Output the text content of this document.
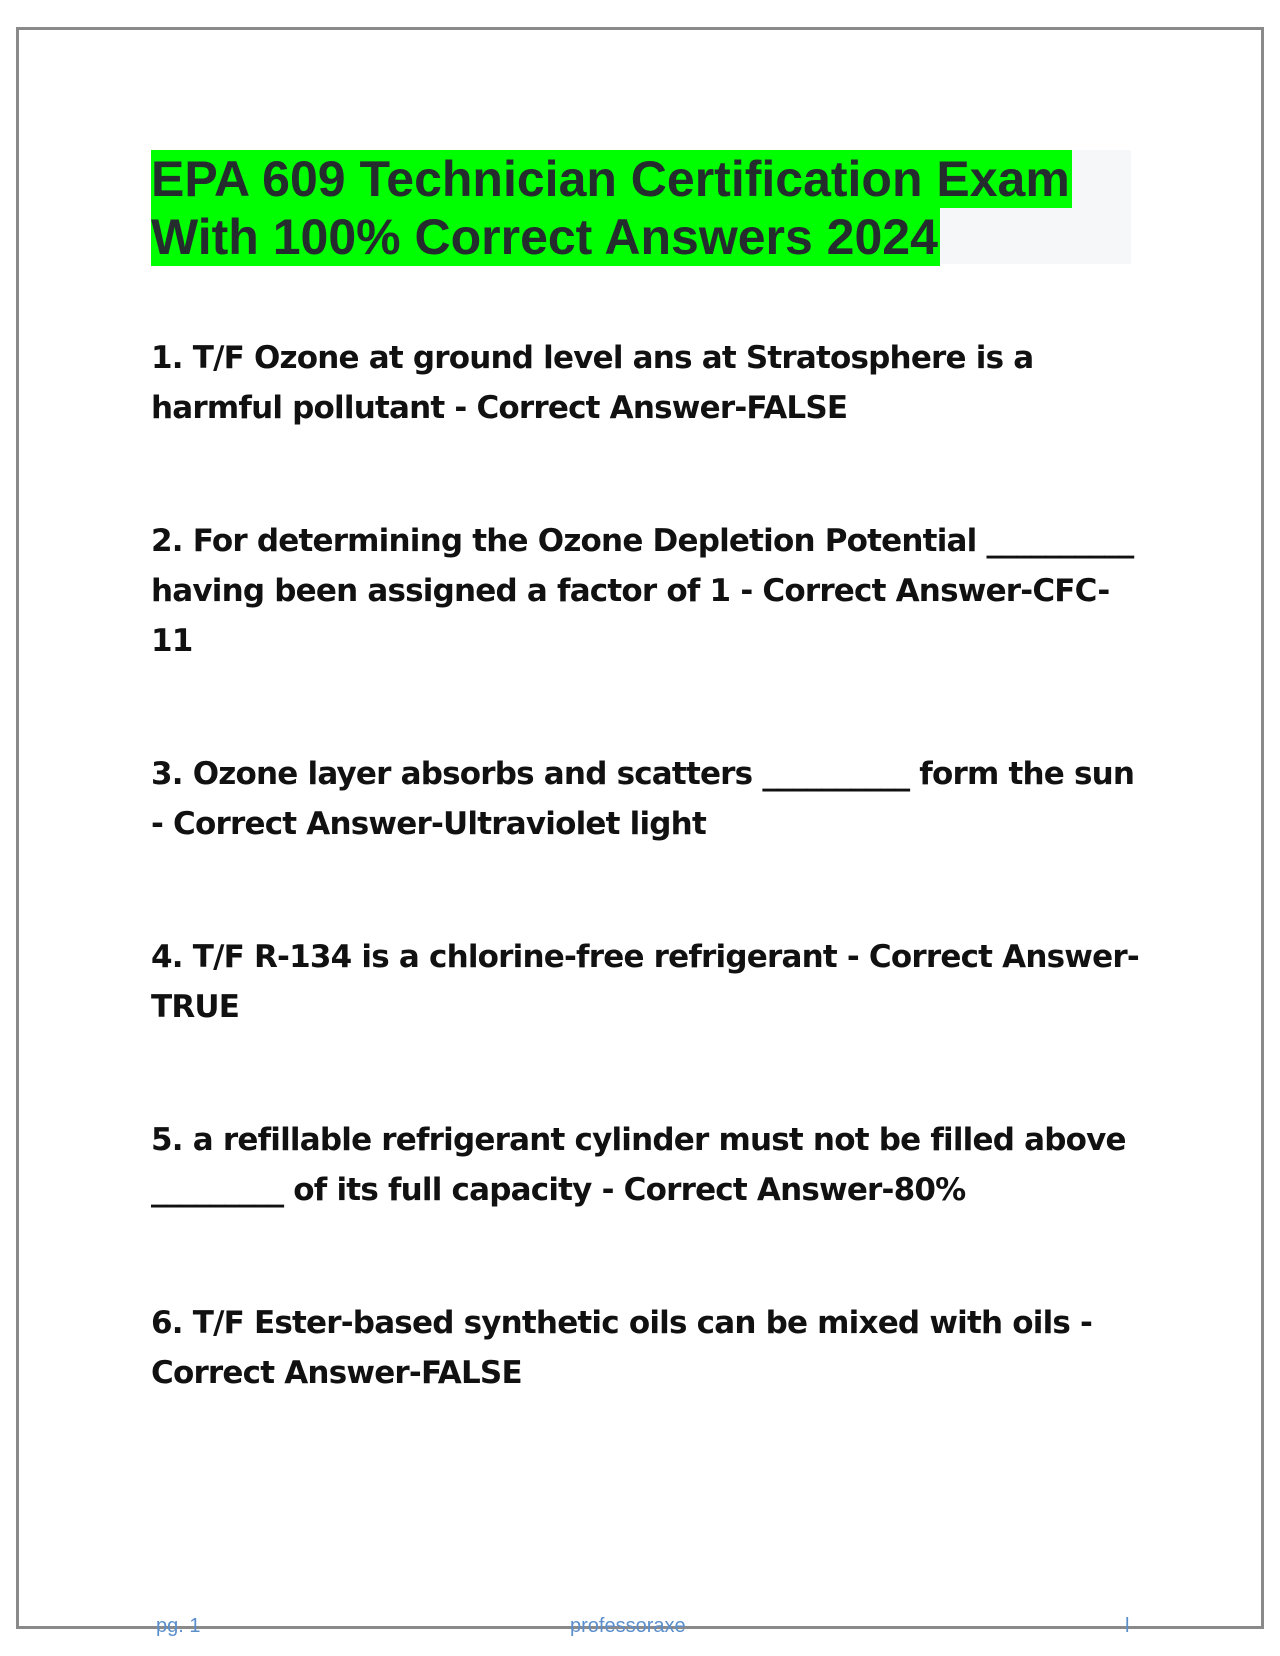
EPA 609 Technician Certification Exam
With 100% Correct Answers 2024

1. T/F Ozone at ground level ans at Stratosphere is a harmful pollutant - Correct Answer-FALSE

2. For determining the Ozone Depletion Potential __________ having been assigned a factor of 1 - Correct Answer-CFC-11

3. Ozone layer absorbs and scatters __________ form the sun - Correct Answer-Ultraviolet light

4. T/F R-134 is a chlorine-free refrigerant - Correct Answer-TRUE

5. a refillable refrigerant cylinder must not be filled above _________ of its full capacity - Correct Answer-80%

6. T/F Ester-based synthetic oils can be mixed with oils - Correct Answer-FALSE

pg. 1	professoraxe	l
